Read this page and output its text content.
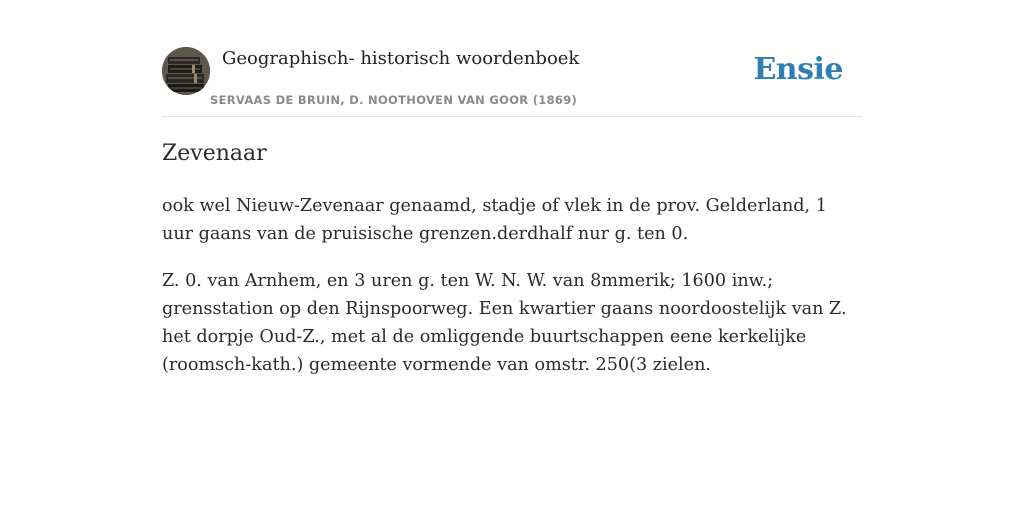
Geographisch- historisch woordenboek
SERVAAS DE BRUIN, D. NOOTHOVEN VAN GOOR (1869)
Ensie
Zevenaar

ook wel Nieuw-Zevenaar genaamd, stadje of vlek in de prov. Gelderland, 1 uur gaans van de pruisische grenzen.derdhalf nur g. ten 0.

Z. 0. van Arnhem, en 3 uren g. ten W. N. W. van 8mmerik; 1600 inw.; grensstation op den Rijnspoorweg. Een kwartier gaans noordoostelijk van Z. het dorpje Oud-Z., met al de omliggende buurtschappen eene kerkelijke (roomsch-kath.) gemeente vormende van omstr. 250(3 zielen.
